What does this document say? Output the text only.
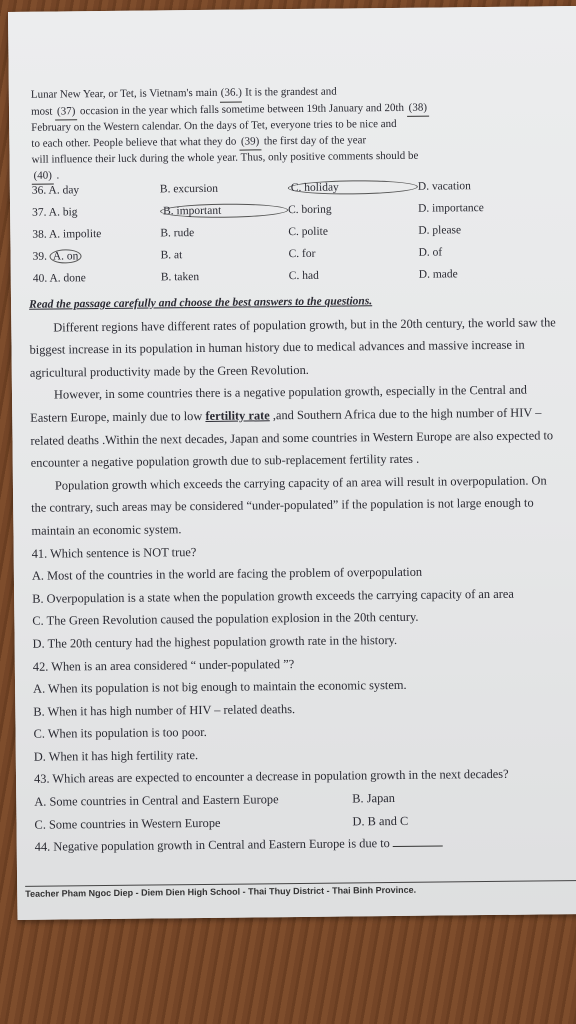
Lunar New Year, or Tet, is Vietnam's main (36.) It is the grandest and

most (37) occasion in the year which falls sometime between 19th January and 20th (38)

February on the Western calendar. On the days of Tet, everyone tries to be nice and

to each other. People believe that what they do (39) the first day of the year

will influence their luck during the whole year. Thus, only positive comments should be

(40) .

36. A. day	B. excursion	C. holiday	D. vacation
37. A. big	B. important	C. boring	D. importance
38. A. impolite	B. rude	C. polite	D. please
39. A. on	B. at	C. for	D. of
40. A. done	B. taken	C. had	D. made

Read the passage carefully and choose the best answers to the questions.

Different regions have different rates of population growth, but in the 20th century, the world saw the biggest increase in its population in human history due to medical advances and massive increase in agricultural productivity made by the Green Revolution.

However, in some countries there is a negative population growth, especially in the Central and Eastern Europe, mainly due to low fertility rate ,and Southern Africa due to the high number of HIV – related deaths .Within the next decades, Japan and some countries in Western Europe are also expected to encounter a negative population growth due to sub-replacement fertility rates .

Population growth which exceeds the carrying capacity of an area will result in overpopulation. On the contrary, such areas may be considered “under-populated” if the population is not large enough to maintain an economic system.

41. Which sentence is NOT true?

A. Most of the countries in the world are facing the problem of overpopulation

B. Overpopulation is a state when the population growth exceeds the carrying capacity of an area

C. The Green Revolution caused the population explosion in the 20th century.

D. The 20th century had the highest population growth rate in the history.

42. When is an area considered “ under-populated ”?

A. When its population is not big enough to maintain the economic system.

B. When it has high number of HIV – related deaths.

C. When its population is too poor.

D. When it has high fertility rate.

43. Which areas are expected to encounter a decrease in population growth in the next decades?

A. Some countries in Central and Eastern Europe	B. Japan
C. Some countries in Western Europe	D. B and C

44. Negative population growth in Central and Eastern Europe is due to

Teacher Pham Ngoc Diep - Diem Dien High School - Thai Thuy District - Thai Binh Province.
